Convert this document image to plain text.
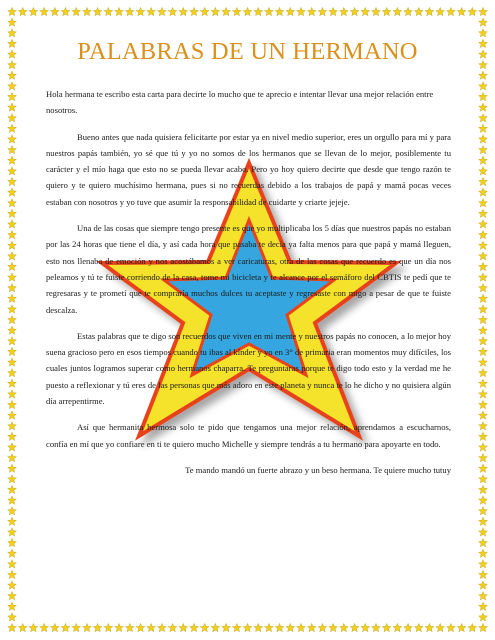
PALABRAS DE UN HERMANO

Hola hermana te escribo esta carta para decirte lo mucho que te aprecio e intentar llevar una mejor relación entre nosotros.

Bueno antes que nada quisiera felicitarte por estar ya en nivel medio superior, eres un orgullo para mí y para nuestros papás también, yo sé que tú y yo no somos de los hermanos que se llevan de lo mejor, posiblemente tu carácter y el mío haga que esto no se pueda llevar acabo. Pero yo hoy quiero decirte que desde que tengo razón te quiero y te quiero muchísimo hermana, pues si no recuerdas debido a los trabajos de papá y mamá pocas veces estaban con nosotros y yo tuve que asumir la responsabilidad de cuidarte y criarte jejeje.

Una de las cosas que siempre tengo presente es que yo multiplicaba los 5 días que nuestros papás no estaban por las 24 horas que tiene el día, y así cada hora que pasaba te decía ya falta menos para que papá y mamá lleguen, esto nos llenaba de emoción y nos acostábamos a ver caricaturas, otra de las cosas que recuerdo es que un día nos peleamos y tú te fuiste corriendo de la casa, tome mi bicicleta y te alcance por el semáforo del CBTIS te pedí que te regresaras y te prometí que te compraría muchos dulces tu aceptaste y regresaste con migo a pesar de que te fuiste descalza.

Estas palabras que te digo son recuerdos que viven en mi mente y nuestros papás no conocen, a lo mejor hoy suena gracioso pero en esos tiempos cuando tu ibas al kínder y yo en 3° de primaria eran momentos muy difíciles, los cuales juntos logramos superar como hermanos chaparra. Te preguntaras porque te digo todo esto y la verdad me he puesto a reflexionar y tú eres de las personas que más adoro en este planeta y nunca te lo he dicho y no quisiera algún día arrepentirme.

Así que hermanita hermosa solo te pido que tengamos una mejor relación, aprendamos a escucharnos, confía en mí que yo confiare en ti te quiero mucho Michelle y siempre tendrás a tu hermano para apoyarte en todo.

Te mando mandó un fuerte abrazo y un beso hermana. Te quiere mucho tutuy
